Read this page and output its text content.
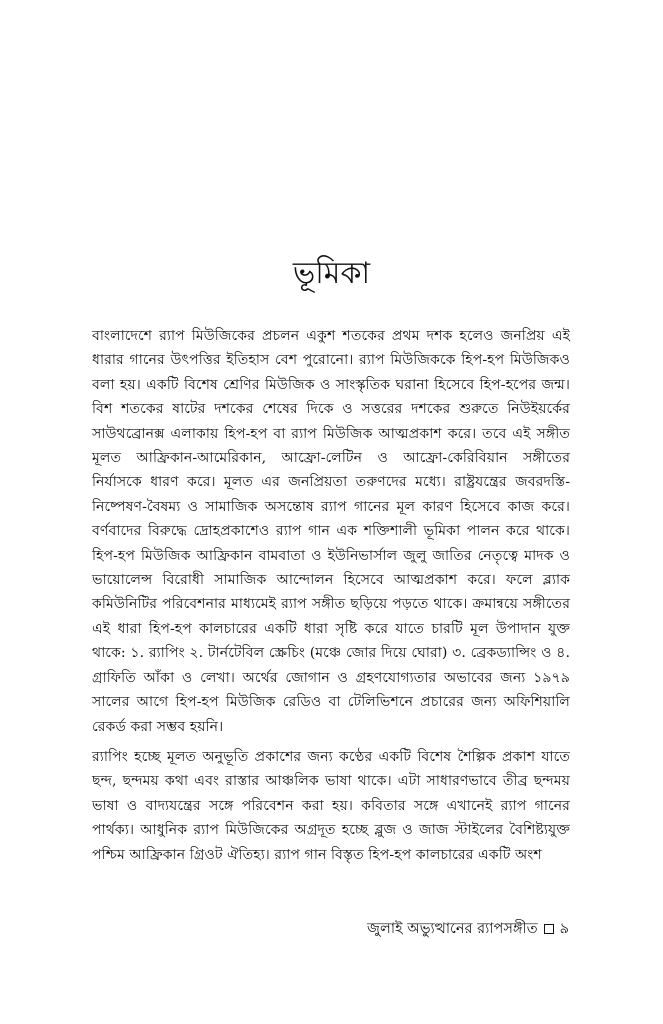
ভূমিকা

বাংলাদেশে র‍্যাপ মিউজিকের প্রচলন একুশ শতকের প্রথম দশক হলেও জনপ্রিয় এই ধারার গানের উৎপত্তির ইতিহাস বেশ পুরোনো। র‍্যাপ মিউজিককে হিপ-হপ মিউজিকও বলা হয়। একটি বিশেষ শ্রেণির মিউজিক ও সাংস্কৃতিক ঘরানা হিসেবে হিপ-হপের জন্ম। বিশ শতকের ষাটের দশকের শেষের দিকে ও সত্তরের দশকের শুরুতে নিউইয়র্কের সাউথব্রোনক্স এলাকায় হিপ-হপ বা র‍্যাপ মিউজিক আত্মপ্রকাশ করে। তবে এই সঙ্গীত মূলত আফ্রিকান-আমেরিকান, আফ্রো-লেটিন ও আফ্রো-কেরিবিয়ান সঙ্গীতের নির্যাসকে ধারণ করে। মূলত এর জনপ্রিয়তা তরুণদের মধ্যে। রাষ্ট্রযন্ত্রের জবরদস্তি-নিষ্পেষণ-বৈষম্য ও সামাজিক অসন্তোষ র‍্যাপ গানের মূল কারণ হিসেবে কাজ করে। বর্ণবাদের বিরুদ্ধে দ্রোহপ্রকাশেও র‍্যাপ গান এক শক্তিশালী ভূমিকা পালন করে থাকে। হিপ-হপ মিউজিক আফ্রিকান বামবাতা ও ইউনিভার্সাল জুলু জাতির নেতৃত্বে মাদক ও ভায়োলেন্স বিরোধী সামাজিক আন্দোলন হিসেবে আত্মপ্রকাশ করে। ফলে ব্ল্যাক কমিউনিটির পরিবেশনার মাধ্যমেই র‍্যাপ সঙ্গীত ছড়িয়ে পড়তে থাকে। ক্রমান্বয়ে সঙ্গীতের এই ধারা হিপ-হপ কালচারের একটি ধারা সৃষ্টি করে যাতে চারটি মূল উপাদান যুক্ত থাকে: ১. র‍্যাপিং ২. টার্নটেবিল স্ক্রেচিং (মঞ্চে জোর দিয়ে ঘোরা) ৩. ব্রেকড্যান্সিং ও ৪. গ্রাফিতি আঁকা ও লেখা। অর্থের জোগান ও গ্রহণযোগ্যতার অভাবের জন্য ১৯৭৯ সালের আগে হিপ-হপ মিউজিক রেডিও বা টেলিভিশনে প্রচারের জন্য অফিশিয়ালি রেকর্ড করা সম্ভব হয়নি।

র‍্যাপিং হচ্ছে মূলত অনুভূতি প্রকাশের জন্য কণ্ঠের একটি বিশেষ শৈল্পিক প্রকাশ যাতে ছন্দ, ছন্দময় কথা এবং রাস্তার আঞ্চলিক ভাষা থাকে। এটা সাধারণভাবে তীব্র ছন্দময় ভাষা ও বাদ্যযন্ত্রের সঙ্গে পরিবেশন করা হয়। কবিতার সঙ্গে এখানেই র‍্যাপ গানের পার্থক্য। আধুনিক র‍্যাপ মিউজিকের অগ্রদূত হচ্ছে ব্লুজ ও জাজ স্টাইলের বৈশিষ্ট্যযুক্ত পশ্চিম আফ্রিকান গ্রিওট ঐতিহ্য। র‍্যাপ গান বিস্তৃত হিপ-হপ কালচারের একটি অংশ

জুলাই অভ্যুত্থানের র‍্যাপসঙ্গীত ৯
